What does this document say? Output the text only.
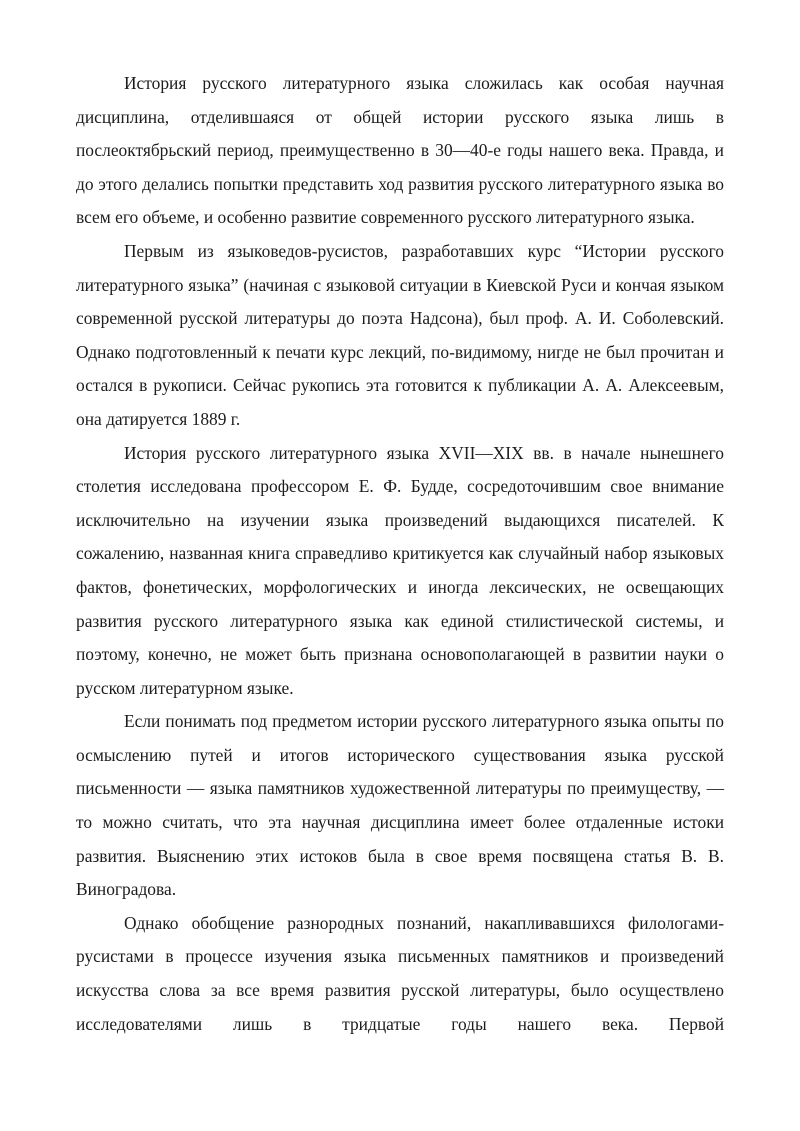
История русского литературного языка сложилась как особая научная дисциплина, отделившаяся от общей истории русского языка лишь в послеоктябрьский период, преимущественно в 30—40-е годы нашего века. Правда, и до этого делались попытки представить ход развития русского литературного языка во всем его объеме, и особенно развитие современного русского литературного языка.

Первым из языковедов-русистов, разработавших курс “Истории русского литературного языка” (начиная с языковой ситуации в Киевской Руси и кончая языком современной русской литературы до поэта Надсона), был проф. А. И. Соболевский. Однако подготовленный к печати курс лекций, по-видимому, нигде не был прочитан и остался в рукописи. Сейчас рукопись эта готовится к публикации А. А. Алексеевым, она датируется 1889 г.

История русского литературного языка XVII—XIX вв. в начале нынешнего столетия исследована профессором Е. Ф. Будде, сосредоточившим свое внимание исключительно на изучении языка произведений выдающихся писателей. К сожалению, названная книга справедливо критикуется как случайный набор языковых фактов, фонетических, морфологических и иногда лексических, не освещающих развития русского литературного языка как единой стилистической системы, и поэтому, конечно, не может быть признана основополагающей в развитии науки о русском литературном языке.

Если понимать под предметом истории русского литературного языка опыты по осмыслению путей и итогов исторического существования языка русской письменности — языка памятников художественной литературы по преимуществу, — то можно считать, что эта научная дисциплина имеет более отдаленные истоки развития. Выяснению этих истоков была в свое время посвящена статья В. В. Виноградова.

Однако обобщение разнородных познаний, накапливавшихся филологами-русистами в процессе изучения языка письменных памятников и произведений искусства слова за все время развития русской литературы, было осуществлено исследователями лишь в тридцатые годы нашего века. Первой
